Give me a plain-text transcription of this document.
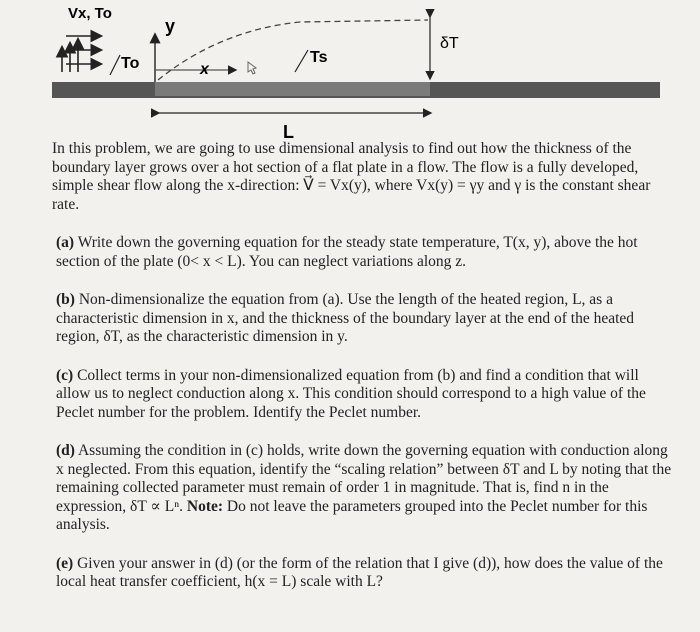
Vx, To
y
x
To	Ts
δT
L

In this problem, we are going to use dimensional analysis to find out how the thickness of the boundary layer grows over a hot section of a flat plate in a flow. The flow is a fully developed, simple shear flow along the x-direction: V⃗ = Vx(y), where Vx(y) = γy and γ is the constant shear rate.

(a) Write down the governing equation for the steady state temperature, T(x, y), above the hot section of the plate (0< x < L). You can neglect variations along z.

(b) Non-dimensionalize the equation from (a). Use the length of the heated region, L, as a characteristic dimension in x, and the thickness of the boundary layer at the end of the heated region, δT, as the characteristic dimension in y.

(c) Collect terms in your non-dimensionalized equation from (b) and find a condition that will allow us to neglect conduction along x. This condition should correspond to a high value of the Peclet number for the problem. Identify the Peclet number.

(d) Assuming the condition in (c) holds, write down the governing equation with conduction along x neglected. From this equation, identify the “scaling relation” between δT and L by noting that the remaining collected parameter must remain of order 1 in magnitude. That is, find n in the expression, δT ∝ Lⁿ. Note: Do not leave the parameters grouped into the Peclet number for this analysis.

(e) Given your answer in (d) (or the form of the relation that I give (d)), how does the value of the local heat transfer coefficient, h(x = L) scale with L?
